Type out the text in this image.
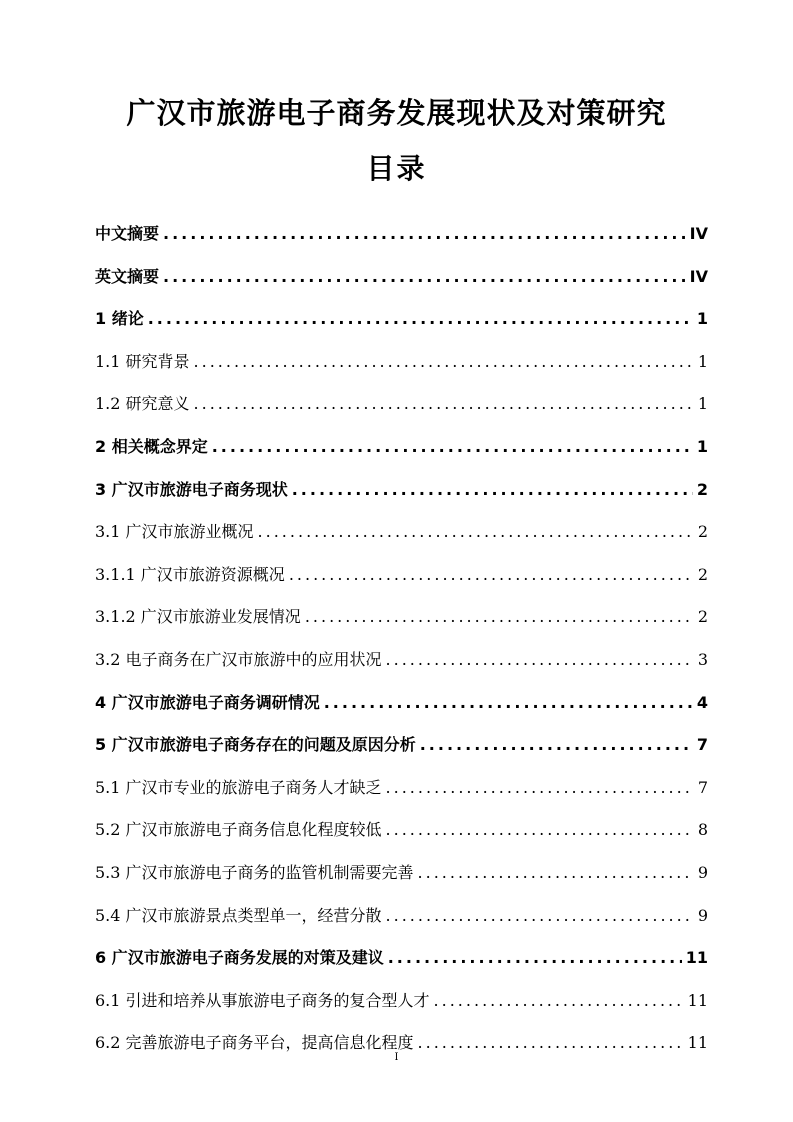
广汉市旅游电子商务发展现状及对策研究
目录
中文摘要 .....	IV
英文摘要 .....	IV
1 绪论 .....	1
1.1 研究背景 .....	1
1.2 研究意义 .....	1
2 相关概念界定 .....	1
3 广汉市旅游电子商务现状 .....	2
3.1 广汉市旅游业概况 .....	2
3.1.1 广汉市旅游资源概况 .....	2
3.1.2 广汉市旅游业发展情况 .....	2
3.2 电子商务在广汉市旅游中的应用状况 .....	3
4 广汉市旅游电子商务调研情况 .....	4
5 广汉市旅游电子商务存在的问题及原因分析 .....	7
5.1 广汉市专业的旅游电子商务人才缺乏 .....	7
5.2 广汉市旅游电子商务信息化程度较低 .....	8
5.3 广汉市旅游电子商务的监管机制需要完善 .....	9
5.4 广汉市旅游景点类型单一，经营分散 .....	9
6 广汉市旅游电子商务发展的对策及建议 .....	11
6.1 引进和培养从事旅游电子商务的复合型人才 .....	11
6.2 完善旅游电子商务平台，提高信息化程度 .....	11
I
